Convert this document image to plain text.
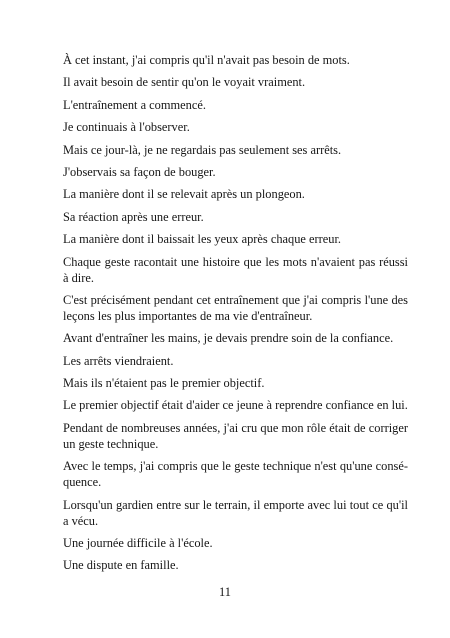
À cet instant, j'ai compris qu'il n'avait pas besoin de mots.

Il avait besoin de sentir qu'on le voyait vraiment.

L'entraînement a commencé.

Je continuais à l'observer.

Mais ce jour-là, je ne regardais pas seulement ses arrêts.

J'observais sa façon de bouger.

La manière dont il se relevait après un plongeon.

Sa réaction après une erreur.

La manière dont il baissait les yeux après chaque erreur.

Chaque geste racontait une histoire que les mots n'avaient pas réussi à dire.

C'est précisément pendant cet entraînement que j'ai compris l'une des leçons les plus importantes de ma vie d'entraîneur.

Avant d'entraîner les mains, je devais prendre soin de la confiance.

Les arrêts viendraient.

Mais ils n'étaient pas le premier objectif.

Le premier objectif était d'aider ce jeune à reprendre confiance en lui.

Pendant de nombreuses années, j'ai cru que mon rôle était de corriger un geste technique.

Avec le temps, j'ai compris que le geste technique n'est qu'une conséquence.

Lorsqu'un gardien entre sur le terrain, il emporte avec lui tout ce qu'il a vécu.

Une journée difficile à l'école.

Une dispute en famille.

11
